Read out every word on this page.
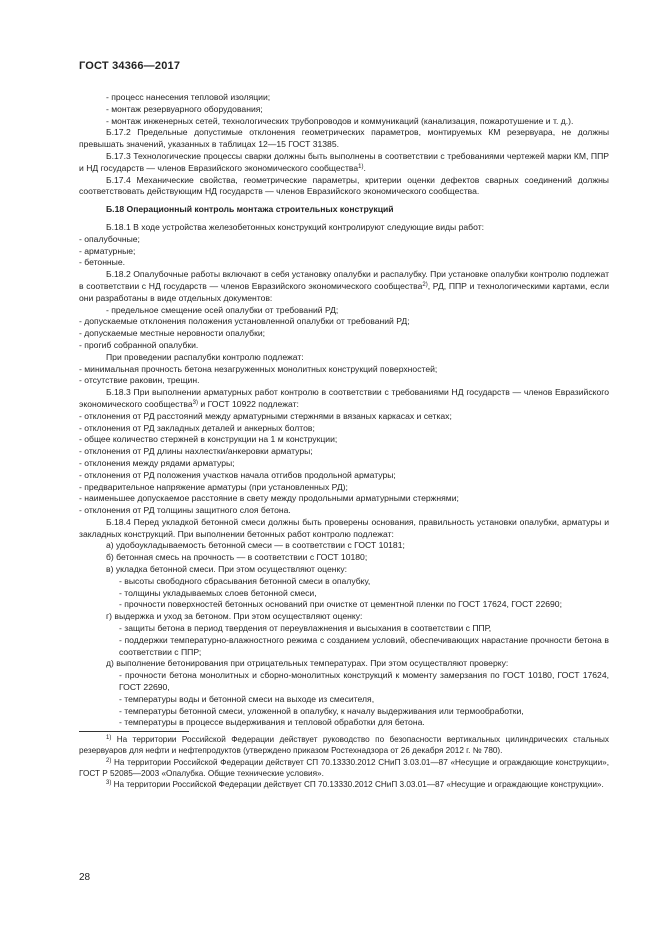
ГОСТ 34366—2017

- процесс нанесения тепловой изоляции;

- монтаж резервуарного оборудования;

- монтаж инженерных сетей, технологических трубопроводов и коммуникаций (канализация, пожаротушение и т. д.).

Б.17.2 Предельные допустимые отклонения геометрических параметров, монтируемых КМ резервуара, не должны превышать значений, указанных в таблицах 12—15 ГОСТ 31385.

Б.17.3 Технологические процессы сварки должны быть выполнены в соответствии с требованиями чертежей марки КМ, ППР и НД государств — членов Евразийского экономического сообщества$^{1)}$.

Б.17.4 Механические свойства, геометрические параметры, критерии оценки дефектов сварных соединений должны соответствовать действующим НД государств — членов Евразийского экономического сообщества.

Б.18 Операционный контроль монтажа строительных конструкций

Б.18.1 В ходе устройства железобетонных конструкций контролируют следующие виды работ:

- опалубочные;

- арматурные;

- бетонные.

Б.18.2 Опалубочные работы включают в себя установку опалубки и распалубку. При установке опалубки контролю подлежат в соответствии с НД государств — членов Евразийского экономического сообщества$^{2)}$, РД, ППР и технологическими картами, если они разработаны в виде отдельных документов:

- предельное смещение осей опалубки от требований РД;

- допускаемые отклонения положения установленной опалубки от требований РД;

- допускаемые местные неровности опалубки;

- прогиб собранной опалубки.

При проведении распалубки контролю подлежат:

- минимальная прочность бетона незагруженных монолитных конструкций поверхностей;

- отсутствие раковин, трещин.

Б.18.3 При выполнении арматурных работ контролю в соответствии с требованиями НД государств — членов Евразийского экономического сообщества$^{3)}$ и ГОСТ 10922 подлежат:

- отклонения от РД расстояний между арматурными стержнями в вязаных каркасах и сетках;

- отклонения от РД закладных деталей и анкерных болтов;

- общее количество стержней в конструкции на 1 м конструкции;

- отклонения от РД длины нахлестки/анкеровки арматуры;

- отклонения между рядами арматуры;

- отклонения от РД положения участков начала отгибов продольной арматуры;

- предварительное напряжение арматуры (при установленных РД);

- наименьшее допускаемое расстояние в свету между продольными арматурными стержнями;

- отклонения от РД толщины защитного слоя бетона.

Б.18.4 Перед укладкой бетонной смеси должны быть проверены основания, правильность установки опалубки, арматуры и закладных конструкций. При выполнении бетонных работ контролю подлежат:

а) удобоукладываемость бетонной смеси — в соответствии с ГОСТ 10181;

б) бетонная смесь на прочность — в соответствии с ГОСТ 10180;

в) укладка бетонной смеси. При этом осуществляют оценку:

- высоты свободного сбрасывания бетонной смеси в опалубку,

- толщины укладываемых слоев бетонной смеси,

- прочности поверхностей бетонных оснований при очистке от цементной пленки по ГОСТ 17624, ГОСТ 22690;

г) выдержка и уход за бетоном. При этом осуществляют оценку:

- защиты бетона в период твердения от переувлажнения и высыхания в соответствии с ППР,

- поддержки температурно-влажностного режима с созданием условий, обеспечивающих нарастание прочности бетона в соответствии с ППР;

д) выполнение бетонирования при отрицательных температурах. При этом осуществляют проверку:

- прочности бетона монолитных и сборно-монолитных конструкций к моменту замерзания по ГОСТ 10180, ГОСТ 17624, ГОСТ 22690,

- температуры воды и бетонной смеси на выходе из смесителя,

- температуры бетонной смеси, уложенной в опалубку, к началу выдерживания или термообработки,

- температуры в процессе выдерживания и тепловой обработки для бетона.

$^{1)}$ На территории Российской Федерации действует руководство по безопасности вертикальных цилиндрических стальных резервуаров для нефти и нефтепродуктов (утверждено приказом Ростехнадзора от 26 декабря 2012 г. № 780).

$^{2)}$ На территории Российской Федерации действует СП 70.13330.2012 СНиП 3.03.01—87 «Несущие и ограждающие конструкции», ГОСТ Р 52085—2003 «Опалубка. Общие технические условия».

$^{3)}$ На территории Российской Федерации действует СП 70.13330.2012 СНиП 3.03.01—87 «Несущие и ограждающие конструкции».

28
